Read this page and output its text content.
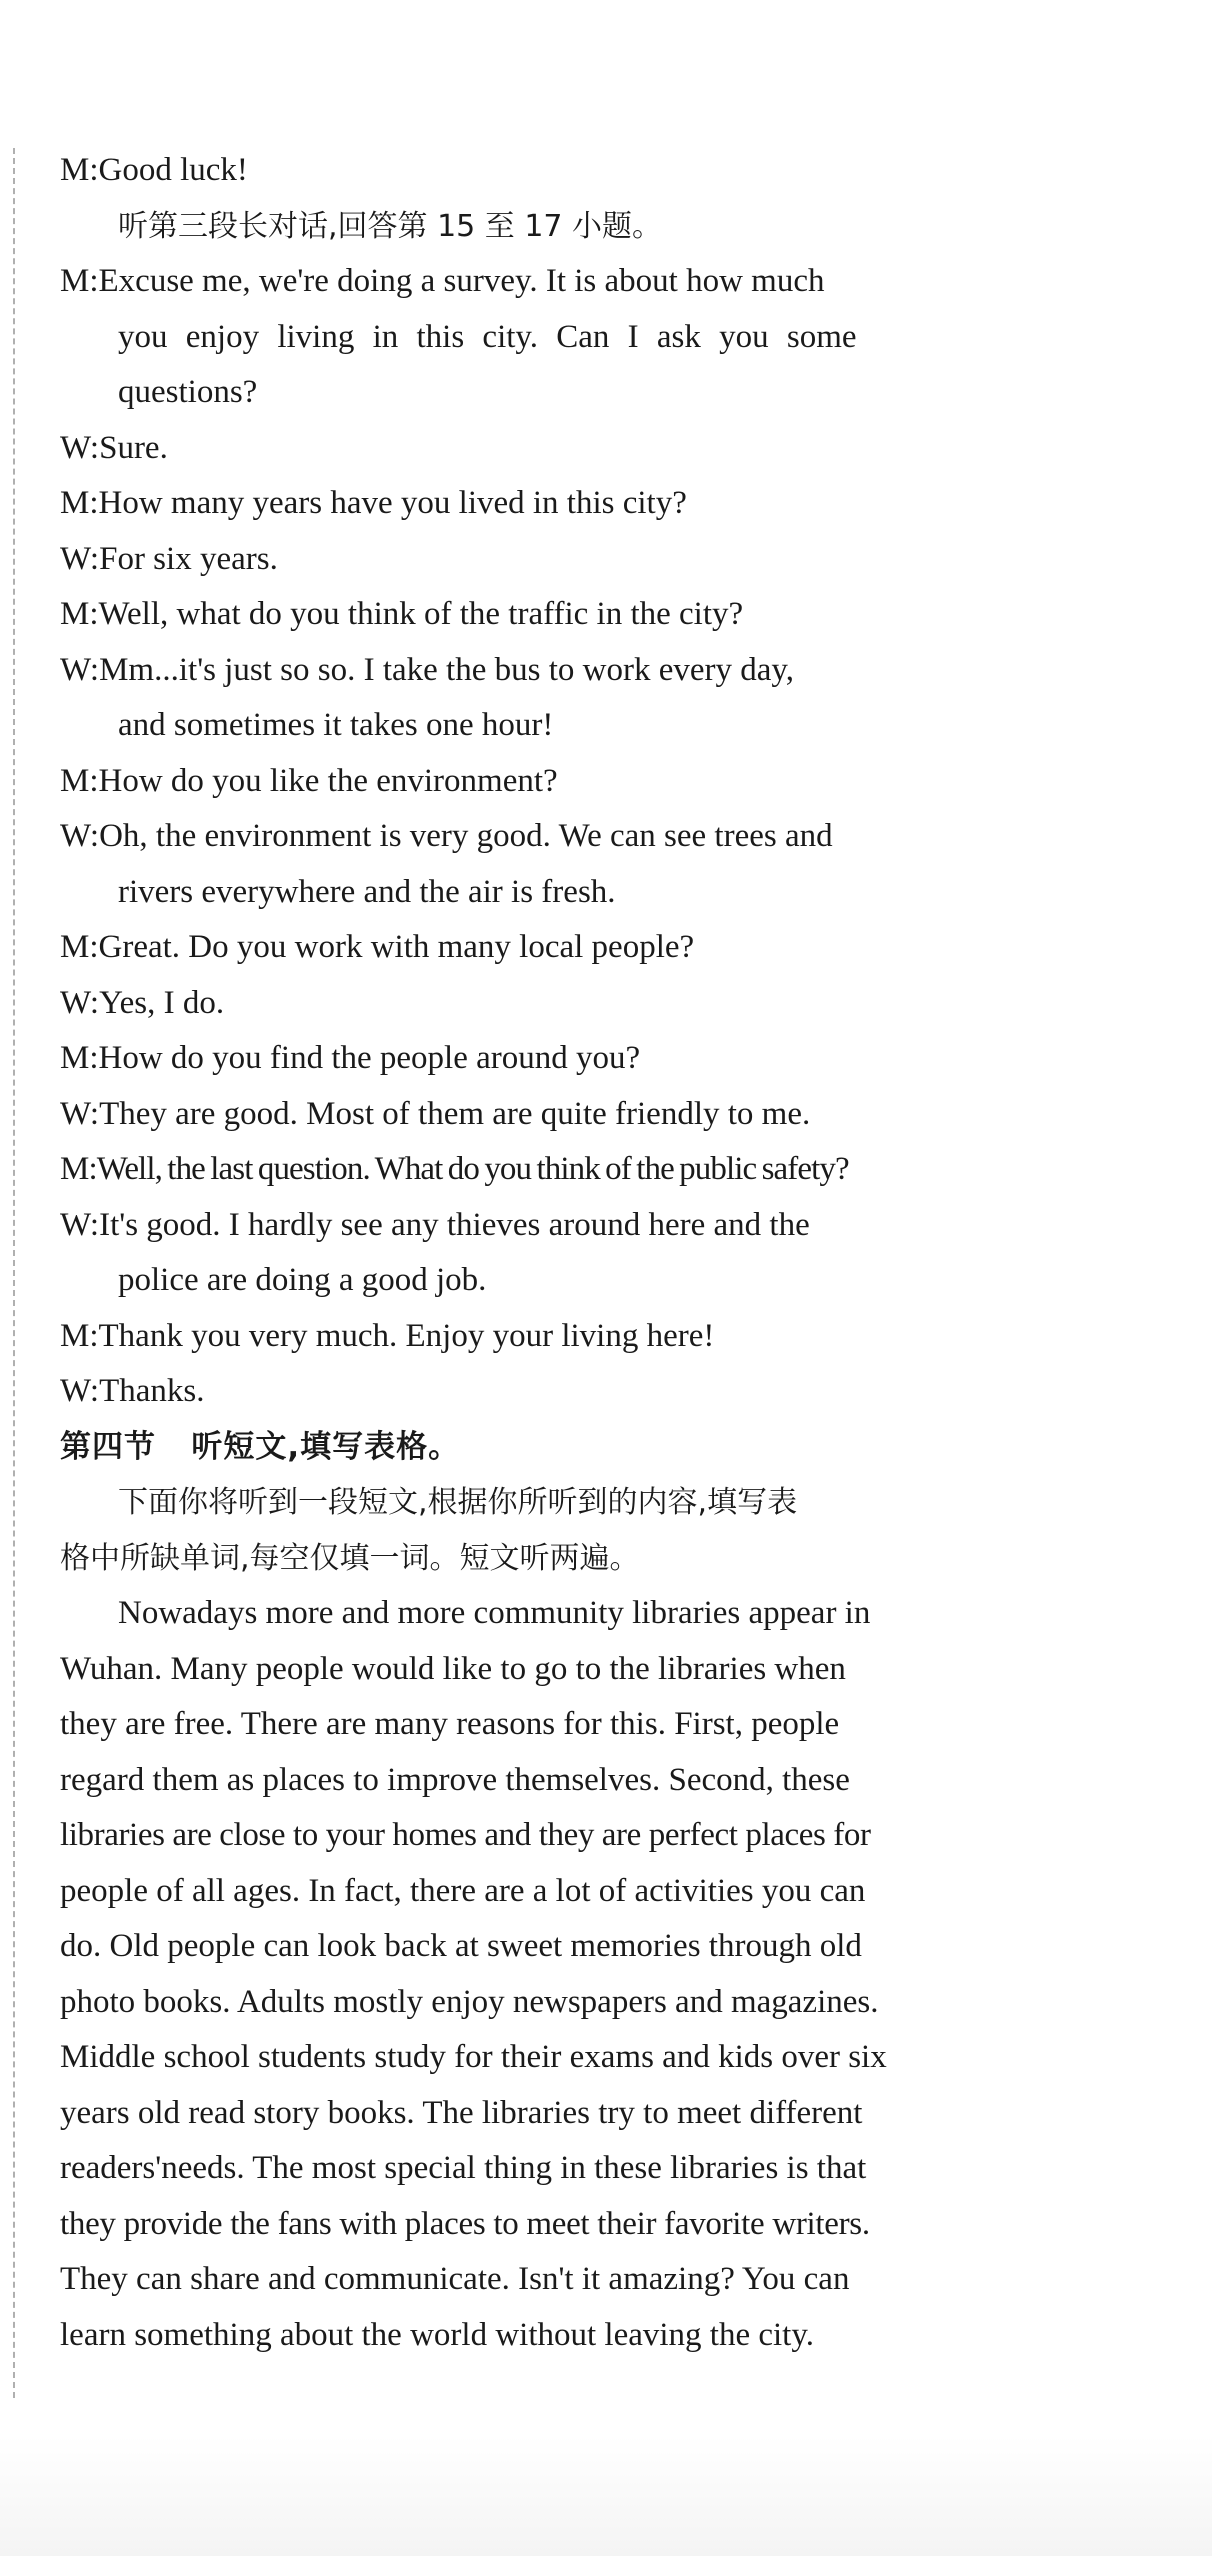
M:Good luck!
听第三段长对话,回答第 15 至 17 小题。
M:Excuse me, we're doing a survey. It is about how much
you enjoy living in this city. Can I ask you some
questions?
W:Sure.
M:How many years have you lived in this city?
W:For six years.
M:Well, what do you think of the traffic in the city?
W:Mm...it's just so so. I take the bus to work every day,
and sometimes it takes one hour!
M:How do you like the environment?
W:Oh, the environment is very good. We can see trees and
rivers everywhere and the air is fresh.
M:Great. Do you work with many local people?
W:Yes, I do.
M:How do you find the people around you?
W:They are good. Most of them are quite friendly to me.
M:Well, the last question. What do you think of the public safety?
W:It's good. I hardly see any thieves around here and the
police are doing a good job.
M:Thank you very much. Enjoy your living here!
W:Thanks.
第四节   听短文,填写表格。
下面你将听到一段短文,根据你所听到的内容,填写表
格中所缺单词,每空仅填一词。短文听两遍。
Nowadays more and more community libraries appear in
Wuhan. Many people would like to go to the libraries when
they are free. There are many reasons for this. First, people
regard them as places to improve themselves. Second, these
libraries are close to your homes and they are perfect places for
people of all ages. In fact, there are a lot of activities you can
do. Old people can look back at sweet memories through old
photo books. Adults mostly enjoy newspapers and magazines.
Middle school students study for their exams and kids over six
years old read story books. The libraries try to meet different
readers'needs. The most special thing in these libraries is that
they provide the fans with places to meet their favorite writers.
They can share and communicate. Isn't it amazing? You can
learn something about the world without leaving the city.
